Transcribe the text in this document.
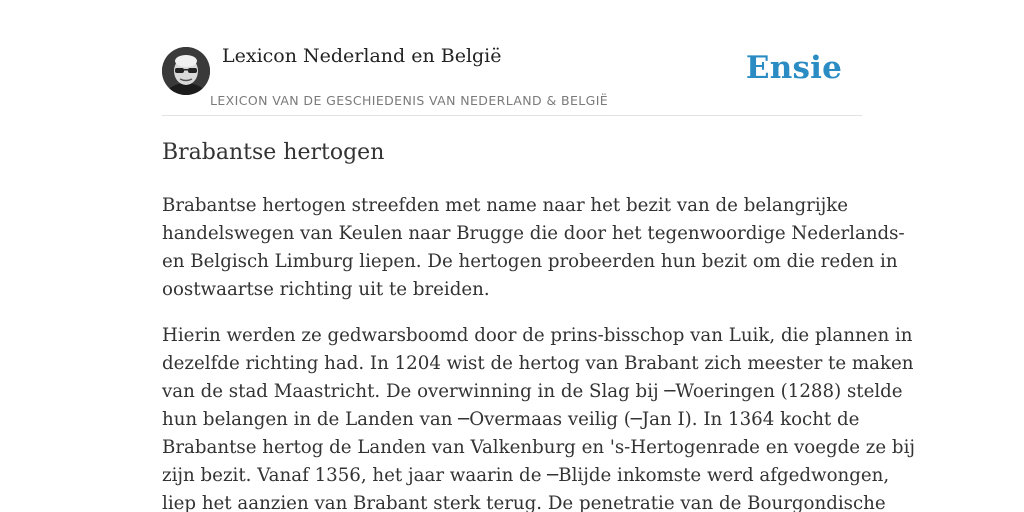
Lexicon Nederland en België
LEXICON VAN DE GESCHIEDENIS VAN NEDERLAND & BELGIË
Ensie
Brabantse hertogen

Brabantse hertogen streefden met name naar het bezit van de belangrijke
handelswegen van Keulen naar Brugge die door het tegenwoordige Nederlands-
en Belgisch Limburg liepen. De hertogen probeerden hun bezit om die reden in
oostwaartse richting uit te breiden.

Hierin werden ze gedwarsboomd door de prins-bisschop van Luik, die plannen in
dezelfde richting had. In 1204 wist de hertog van Brabant zich meester te maken
van de stad Maastricht. De overwinning in de Slag bij ─Woeringen (1288) stelde
hun belangen in de Landen van ─Overmaas veilig (─Jan I). In 1364 kocht de
Brabantse hertog de Landen van Valkenburg en 's-Hertogenrade en voegde ze bij
zijn bezit. Vanaf 1356, het jaar waarin de ─Blijde inkomste werd afgedwongen,
liep het aanzien van Brabant sterk terug. De penetratie van de Bourgondische
